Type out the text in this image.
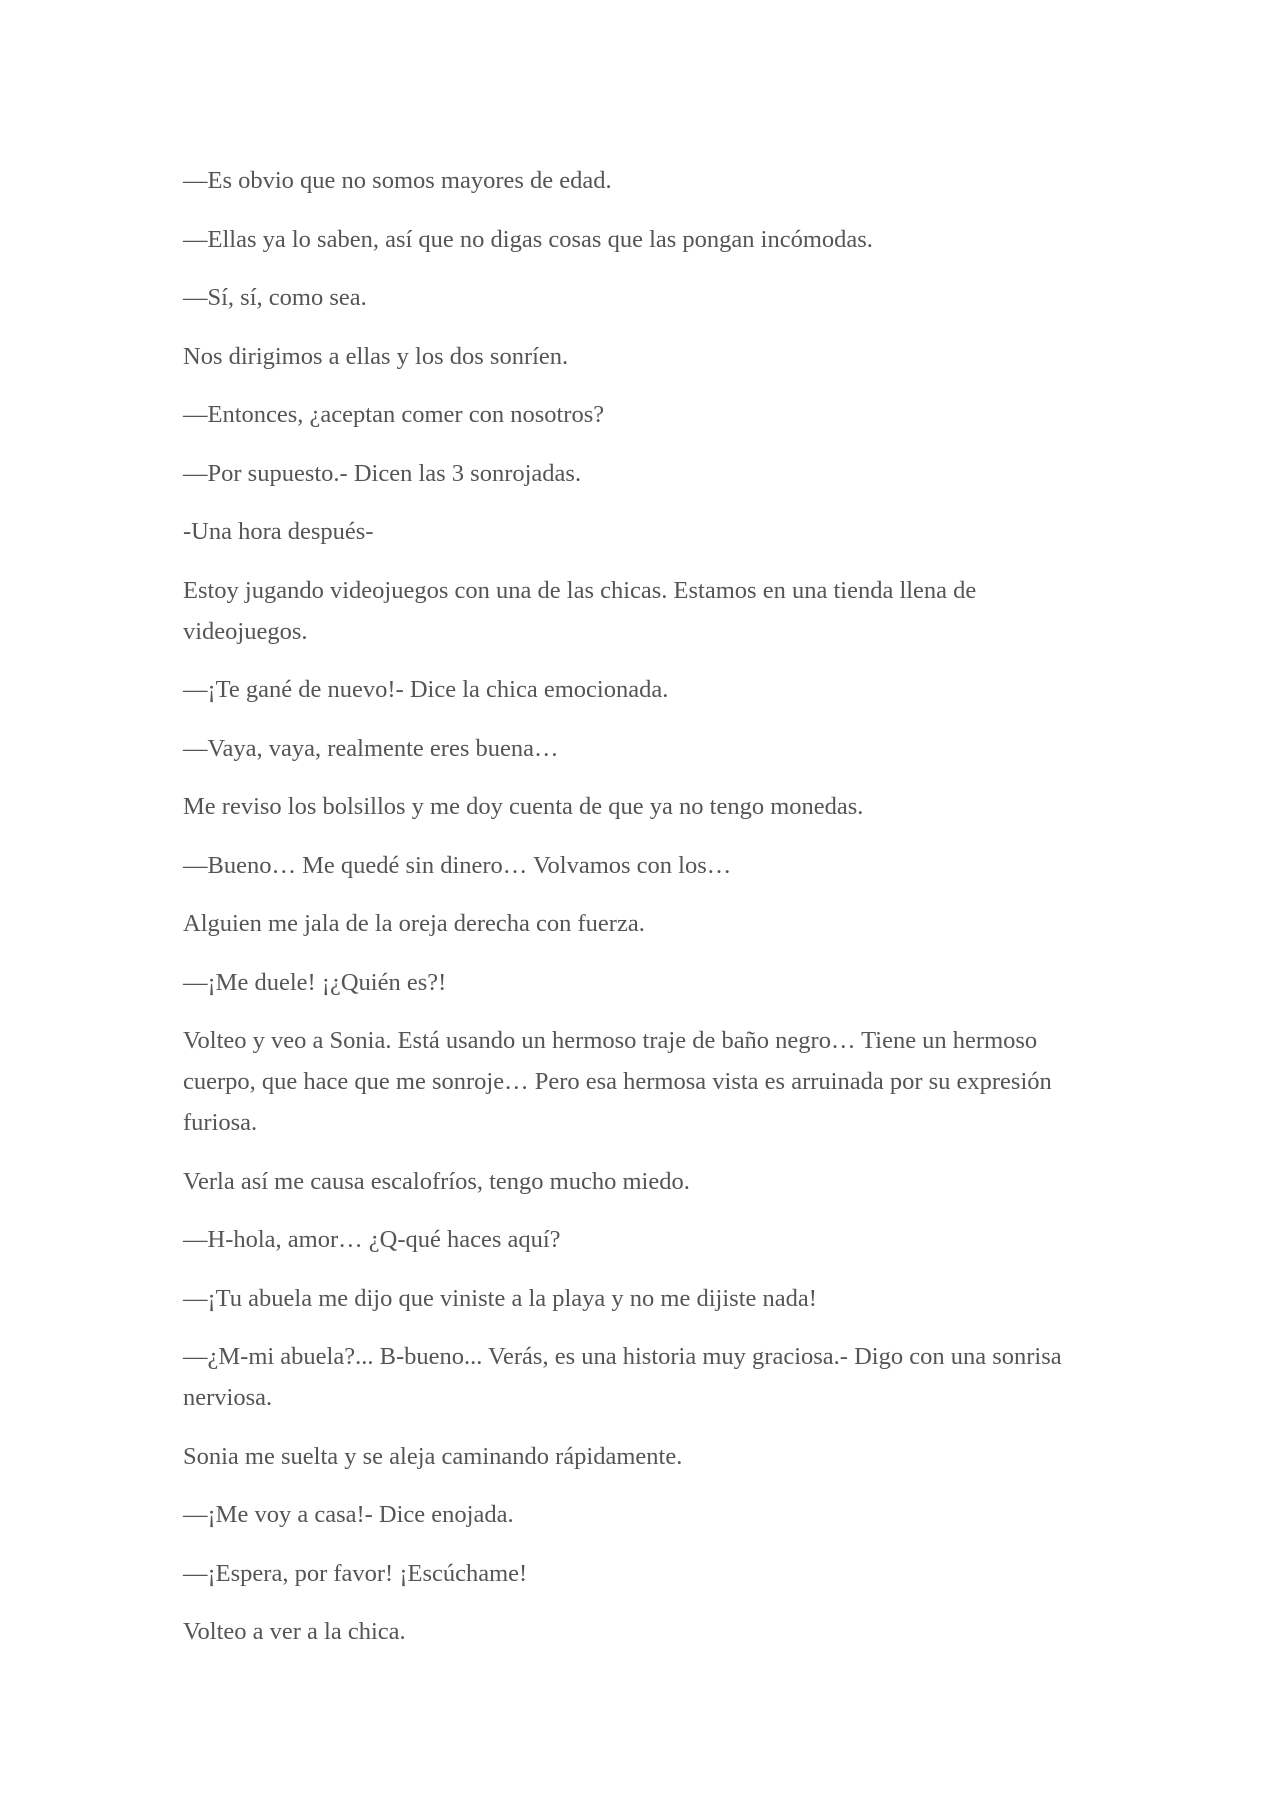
—Es obvio que no somos mayores de edad.

—Ellas ya lo saben, así que no digas cosas que las pongan incómodas.

—Sí, sí, como sea.

Nos dirigimos a ellas y los dos sonríen.

—Entonces, ¿aceptan comer con nosotros?

—Por supuesto.- Dicen las 3 sonrojadas.

-Una hora después-

Estoy jugando videojuegos con una de las chicas. Estamos en una tienda llena de videojuegos.

—¡Te gané de nuevo!- Dice la chica emocionada.

—Vaya, vaya, realmente eres buena…

Me reviso los bolsillos y me doy cuenta de que ya no tengo monedas.

—Bueno… Me quedé sin dinero… Volvamos con los…

Alguien me jala de la oreja derecha con fuerza.

—¡Me duele! ¡¿Quién es?!

Volteo y veo a Sonia. Está usando un hermoso traje de baño negro… Tiene un hermoso cuerpo, que hace que me sonroje… Pero esa hermosa vista es arruinada por su expresión furiosa.

Verla así me causa escalofríos, tengo mucho miedo.

—H-hola, amor… ¿Q-qué haces aquí?

—¡Tu abuela me dijo que viniste a la playa y no me dijiste nada!

—¿M-mi abuela?... B-bueno... Verás, es una historia muy graciosa.- Digo con una sonrisa nerviosa.

Sonia me suelta y se aleja caminando rápidamente.

—¡Me voy a casa!- Dice enojada.

—¡Espera, por favor! ¡Escúchame!

Volteo a ver a la chica.
